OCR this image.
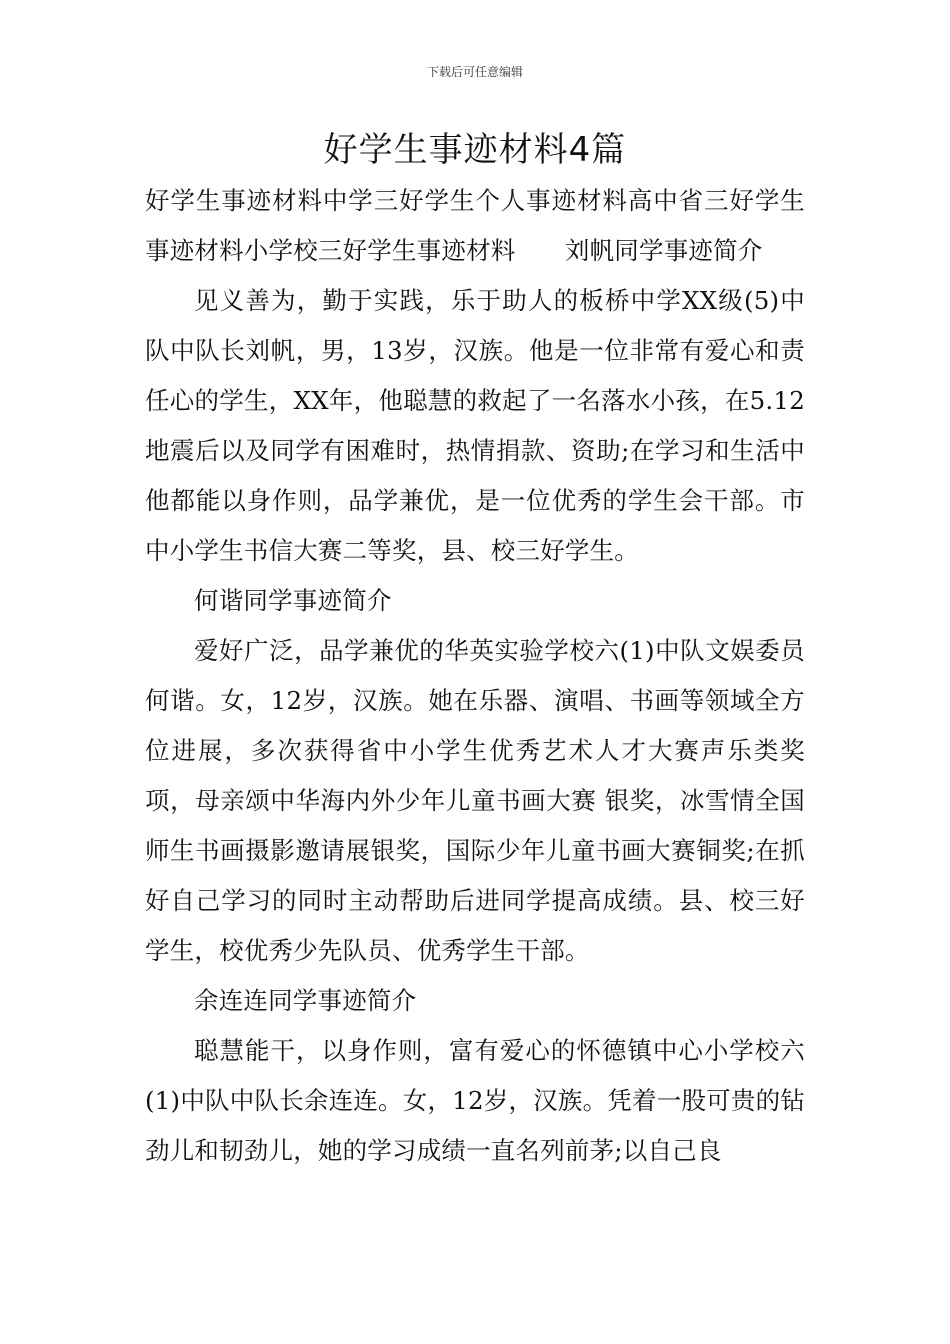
下载后可任意编辑
好学生事迹材料4篇

好学生事迹材料中学三好学生个人事迹材料高中省三好学生事迹材料小学校三好学生事迹材料　　刘帆同学事迹简介

见义善为，勤于实践，乐于助人的板桥中学XX级(5)中队中队长刘帆，男，13岁，汉族。他是一位非常有爱心和责任心的学生，XX年，他聪慧的救起了一名落水小孩，在5.12地震后以及同学有困难时，热情捐款、资助;在学习和生活中他都能以身作则，品学兼优，是一位优秀的学生会干部。市中小学生书信大赛二等奖，县、校三好学生。

何谐同学事迹简介

爱好广泛，品学兼优的华英实验学校六(1)中队文娱委员何谐。女，12岁，汉族。她在乐器、演唱、书画等领域全方位进展，多次获得省中小学生优秀艺术人才大赛声乐类奖项，母亲颂中华海内外少年儿童书画大赛 银奖，冰雪情全国师生书画摄影邀请展银奖，国际少年儿童书画大赛铜奖;在抓好自己学习的同时主动帮助后进同学提高成绩。县、校三好学生，校优秀少先队员、优秀学生干部。

余连连同学事迹简介

聪慧能干，以身作则，富有爱心的怀德镇中心小学校六(1)中队中队长余连连。女，12岁，汉族。凭着一股可贵的钻劲儿和韧劲儿，她的学习成绩一直名列前茅;以自己良
